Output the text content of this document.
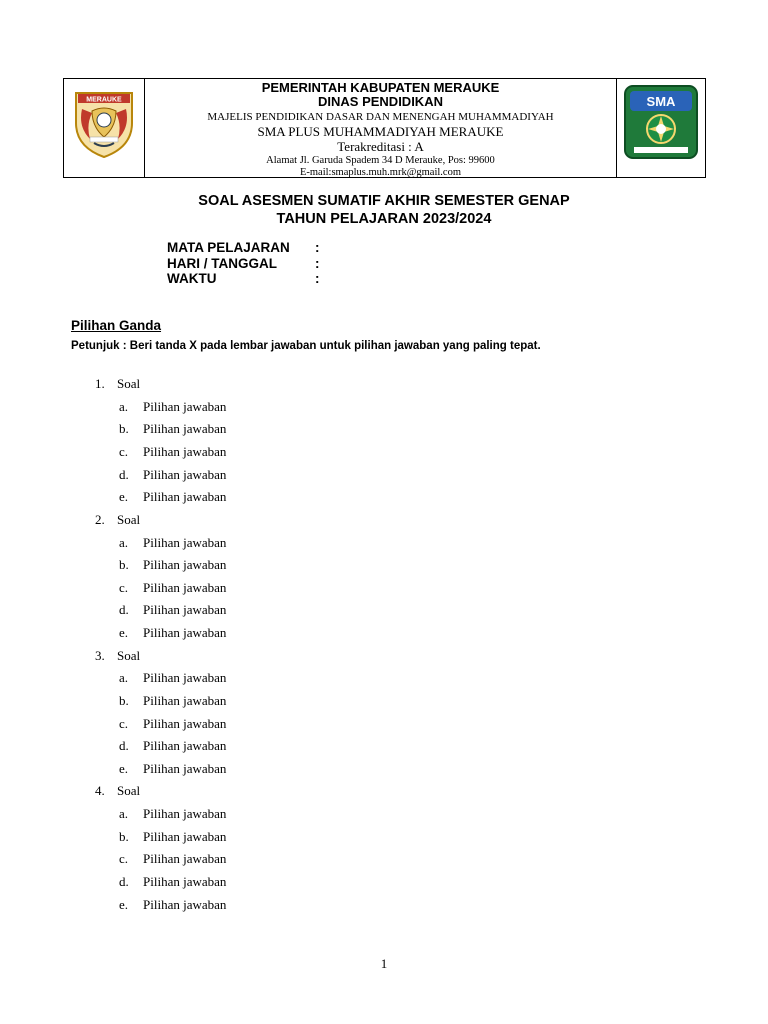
MERAUKE
PEMERINTAH KABUPATEN MERAUKE
DINAS PENDIDIKAN
MAJELIS PENDIDIKAN DASAR DAN MENENGAH MUHAMMADIYAH
SMA PLUS MUHAMMADIYAH MERAUKE
Terakreditasi : A
Alamat Jl. Garuda Spadem 34 D Merauke, Pos: 99600
E-mail:smaplus.muh.mrk@gmail.com
SMA
SOAL ASESMEN SUMATIF AKHIR SEMESTER GENAP
TAHUN PELAJARAN 2023/2024
MATA PELAJARAN :
HARI / TANGGAL	:
WAKTU	:
Pilihan Ganda
Petunjuk : Beri tanda X pada lembar jawaban untuk pilihan jawaban yang paling tepat.
1. Soal
a. Pilihan jawaban
b. Pilihan jawaban
c. Pilihan jawaban
d. Pilihan jawaban
e. Pilihan jawaban
2. Soal
a. Pilihan jawaban
b. Pilihan jawaban
c. Pilihan jawaban
d. Pilihan jawaban
e. Pilihan jawaban
3. Soal
a. Pilihan jawaban
b. Pilihan jawaban
c. Pilihan jawaban
d. Pilihan jawaban
e. Pilihan jawaban
4. Soal
a. Pilihan jawaban
b. Pilihan jawaban
c. Pilihan jawaban
d. Pilihan jawaban
e. Pilihan jawaban
1
